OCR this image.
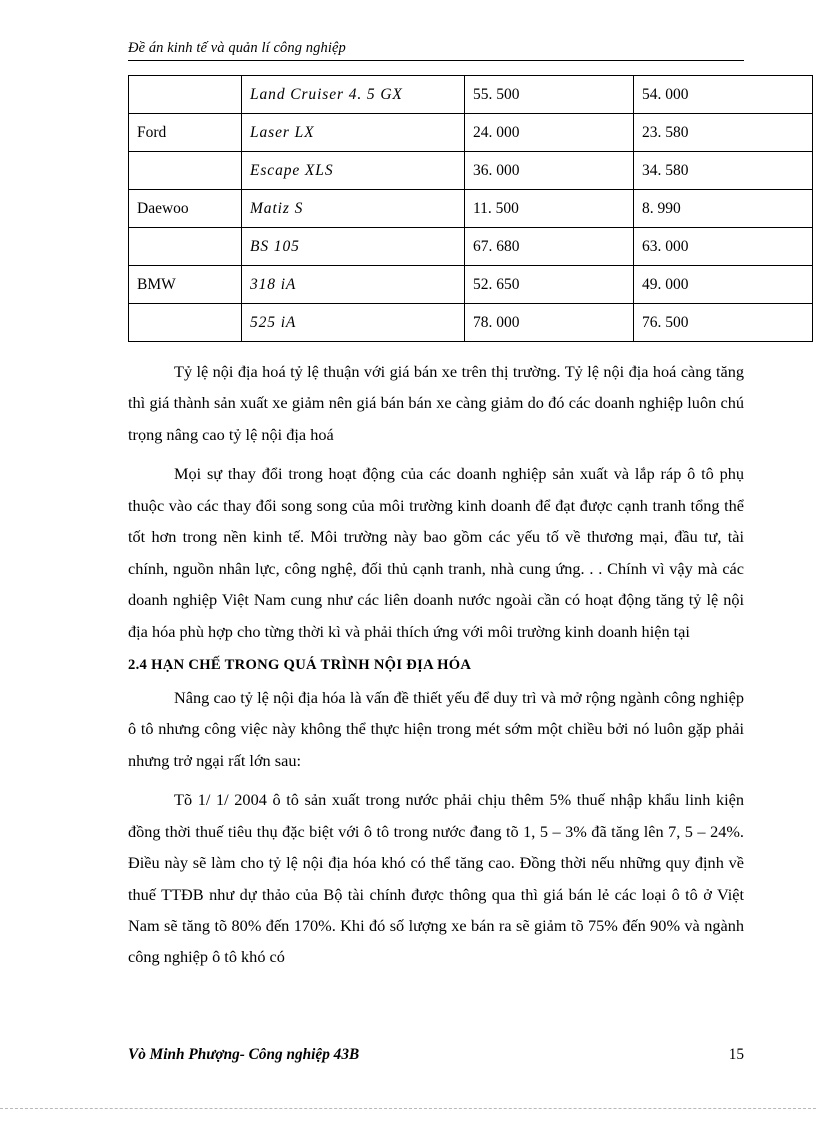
Đề án kinh tế và quản lí công nghiệp
	Land Cruiser 4. 5 GX	55. 500	54. 000
Ford	Laser LX	24. 000	23. 580
	Escape XLS	36. 000	34. 580
Daewoo	Matiz S	11. 500	8. 990
	BS 105	67. 680	63. 000
BMW	318 iA	52. 650	49. 000
	525 iA	78. 000	76. 500

Tỷ lệ nội địa hoá tỷ lệ thuận với giá bán xe trên thị trường. Tỷ lệ nội địa hoá càng tăng thì giá thành sản xuất xe giảm nên giá bán bán xe càng giảm do đó các doanh nghiệp luôn chú trọng nâng cao tỷ lệ nội địa hoá

Mọi sự thay đổi trong hoạt động của các doanh nghiệp sản xuất và lắp ráp ô tô phụ thuộc vào các thay đổi song song của môi trường kinh doanh để đạt được cạnh tranh tổng thể tốt hơn trong nền kinh tế. Môi trường này bao gồm các yếu tố về thương mại, đầu tư, tài chính, nguồn nhân lực, công nghệ, đối thủ cạnh tranh, nhà cung ứng. . . Chính vì vậy mà các doanh nghiệp Việt Nam cung như các liên doanh nước ngoài cần có hoạt động tăng tỷ lệ nội địa hóa phù hợp cho từng thời kì và phải thích ứng với môi trường kinh doanh hiện tại

2.4 HẠN CHẾ TRONG QUÁ TRÌNH NỘI ĐỊA HÓA

Nâng cao tỷ lệ nội địa hóa là vấn đề thiết yếu để duy trì và mở rộng ngành công nghiệp ô tô nhưng công việc này không thể thực hiện trong mét sớm một chiều bởi nó luôn gặp phải nhưng trở ngại rất lớn sau:

Tõ 1/ 1/ 2004 ô tô sản xuất trong nước phải chịu thêm 5% thuế nhập khẩu linh kiện đồng thời thuế tiêu thụ đặc biệt với ô tô trong nước đang tõ 1, 5 – 3% đã tăng lên 7, 5 – 24%. Điều này sẽ làm cho tỷ lệ nội địa hóa khó có thể tăng cao. Đồng thời nếu những quy định về thuế TTĐB như dự thảo của Bộ tài chính được thông qua thì giá bán lẻ các loại ô tô ở Việt Nam sẽ tăng tõ 80% đến 170%. Khi đó số lượng xe bán ra sẽ giảm tõ 75% đến 90% và ngành công nghiệp ô tô khó có

Vò Minh Phượng- Công nghiệp 43B	15
